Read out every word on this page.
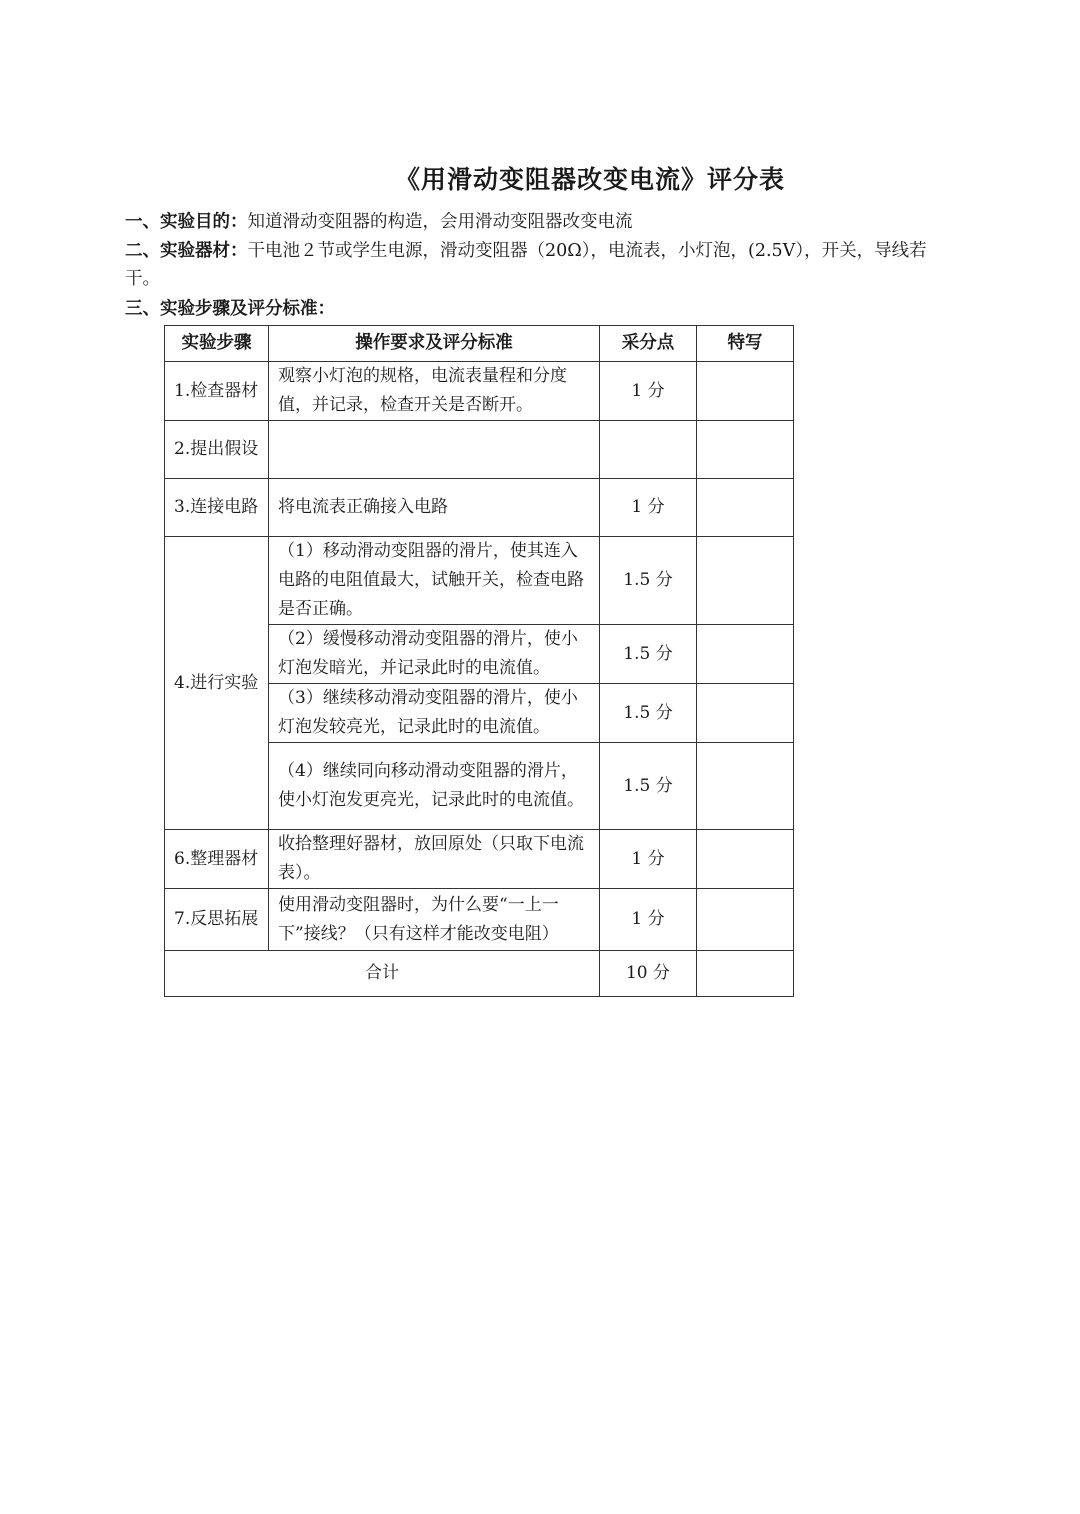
《用滑动变阻器改变电流》评分表
一、实验目的：知道滑动变阻器的构造，会用滑动变阻器改变电流
二、实验器材：干电池２节或学生电源，滑动变阻器（20Ω），电流表，小灯泡，(2.5V），开关，导线若干。
三、实验步骤及评分标准：
实验步骤	操作要求及评分标准	采分点	特写
1.检查器材	观察小灯泡的规格，电流表量程和分度值，并记录，检查开关是否断开。	1 分	
2.提出假设			
3.连接电路	将电流表正确接入电路	1 分	
4.进行实验	（1）移动滑动变阻器的滑片，使其连入电路的电阻值最大，试触开关，检查电路是否正确。	1.5 分	
	（2）缓慢移动滑动变阻器的滑片，使小灯泡发暗光，并记录此时的电流值。	1.5 分	
	（3）继续移动滑动变阻器的滑片，使小灯泡发较亮光，记录此时的电流值。	1.5 分	
	（4）继续同向移动滑动变阻器的滑片，使小灯泡发更亮光，记录此时的电流值。	1.5 分	
6.整理器材	收拾整理好器材，放回原处（只取下电流表）。	1 分	
7.反思拓展	使用滑动变阻器时，为什么要“一上一下”接线？（只有这样才能改变电阻）	1 分	
合计		10 分	
